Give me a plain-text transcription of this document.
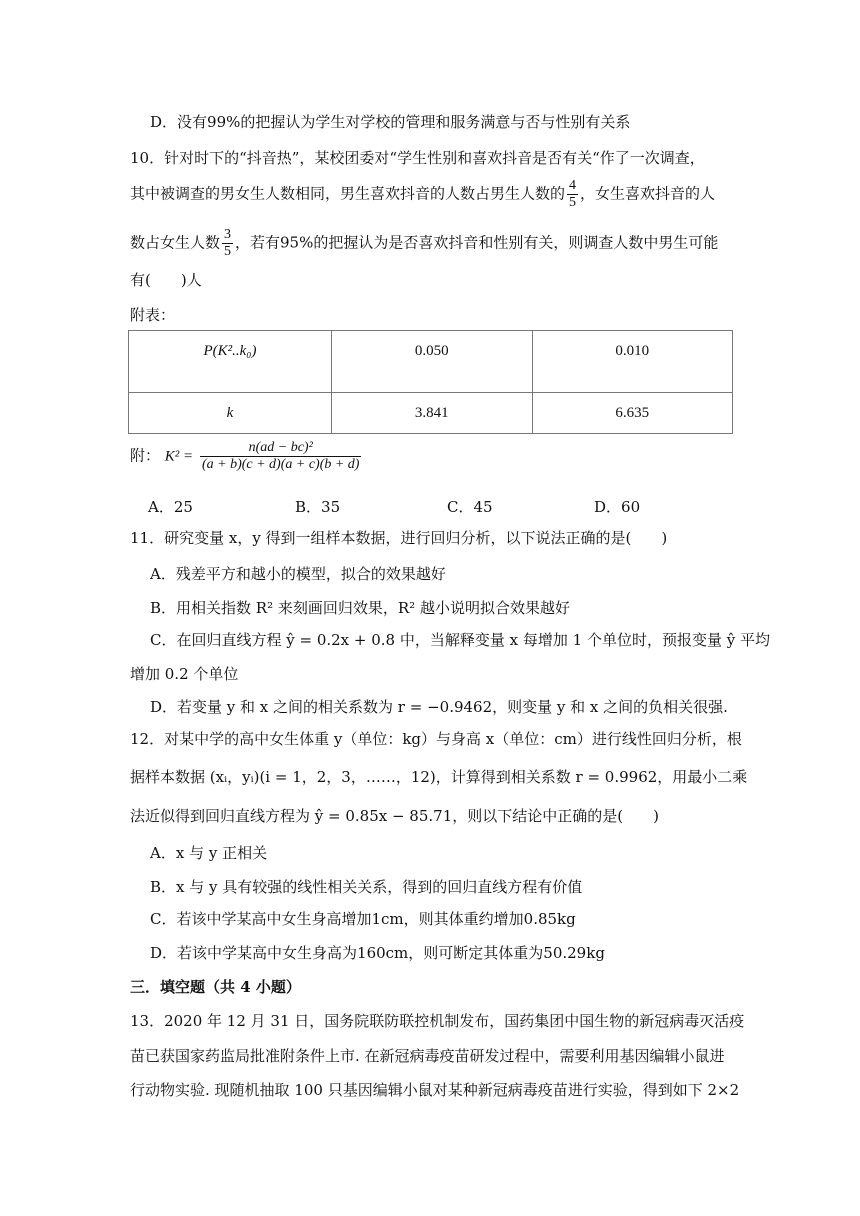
D．没有99%的把握认为学生对学校的管理和服务满意与否与性别有关系
10．针对时下的“抖音热”，某校团委对“学生性别和喜欢抖音是否有关“作了一次调查，
其中被调查的男女生人数相同，男生喜欢抖音的人数占男生人数的 $\frac{4}{5}$ ，女生喜欢抖音的人
数占女生人数 $\frac{3}{5}$ ，若有95%的把握认为是否喜欢抖音和性别有关，则调查人数中男生可能
有(　　)人
附表：
P(K²..k₀)	0.050	0.010
k	3.841	6.635
附： $K^2 = \frac{\text{n(ad − bc)²}}{(a + b)(c + d)(a + c)(b + d)}$
A．25	B．35	C．45	D．60
11．研究变量 x，y 得到一组样本数据，进行回归分析，以下说法正确的是(　　)
A．残差平方和越小的模型，拟合的效果越好
B．用相关指数 R² 来刻画回归效果，R² 越小说明拟合效果越好
C．在回归直线方程 ŷ = 0.2x + 0.8 中，当解释变量 x 每增加 1 个单位时，预报变量 ŷ 平均
增加 0.2 个单位
D．若变量 y 和 x 之间的相关系数为 r = −0.9462，则变量 y 和 x 之间的负相关很强.
12．对某中学的高中女生体重 y（单位：kg）与身高 x（单位：cm）进行线性回归分析，根
据样本数据 (xᵢ，yᵢ)(i = 1，2，3，……，12)，计算得到相关系数 r = 0.9962，用最小二乘
法近似得到回归直线方程为 ŷ = 0.85x − 85.71，则以下结论中正确的是(　　)
A．x 与 y 正相关
B．x 与 y 具有较强的线性相关关系，得到的回归直线方程有价值
C．若该中学某高中女生身高增加1cm，则其体重约增加0.85kg
D．若该中学某高中女生身高为160cm，则可断定其体重为50.29kg
三．填空题（共 4 小题）
13．2020 年 12 月 31 日，国务院联防联控机制发布，国药集团中国生物的新冠病毒灭活疫
苗已获国家药监局批准附条件上市. 在新冠病毒疫苗研发过程中，需要利用基因编辑小鼠进
行动物实验. 现随机抽取 100 只基因编辑小鼠对某种新冠病毒疫苗进行实验，得到如下 2×2
